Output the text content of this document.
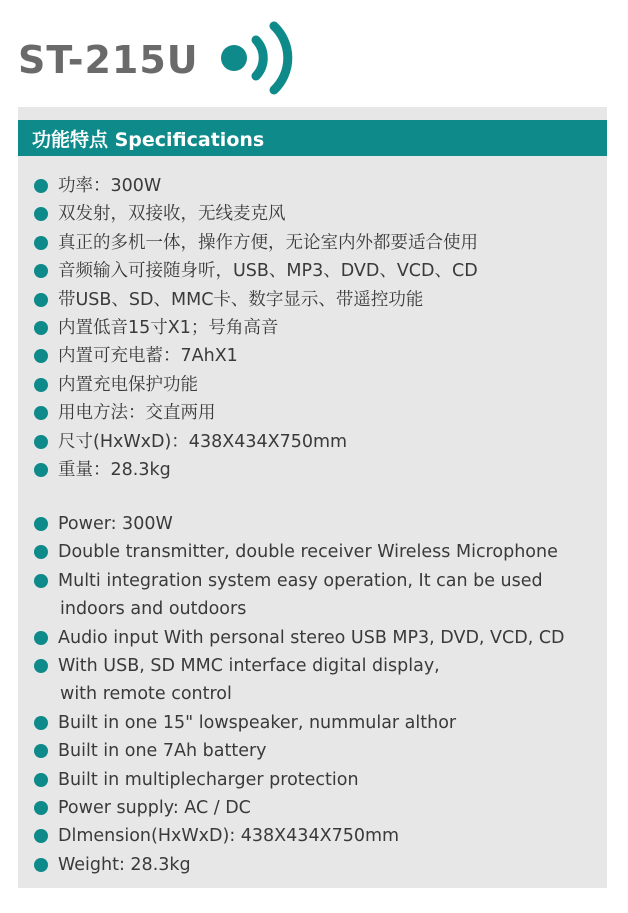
ST-215U
功能特点 Specifications
功率：300W
双发射，双接收，无线麦克风
真正的多机一体，操作方便，无论室内外都要适合使用
音频输入可接随身听，USB、MP3、DVD、VCD、CD
带USB、SD、MMC卡、数字显示、带遥控功能
内置低音15寸X1；号角高音
内置可充电蓄：7AhX1
内置充电保护功能
用电方法：交直两用
尺寸(HxWxD)：438X434X750mm
重量：28.3kg
Power: 300W
Double transmitter, double receiver Wireless Microphone
Multi integration system easy operation, It can be used
indoors and outdoors
Audio input With personal stereo USB MP3, DVD, VCD, CD
With USB, SD MMC interface digital display,
with remote control
Built in one 15" lowspeaker, nummular althor
Built in one 7Ah battery
Built in multiplecharger protection
Power supply: AC / DC
Dlmension(HxWxD): 438X434X750mm
Weight: 28.3kg
